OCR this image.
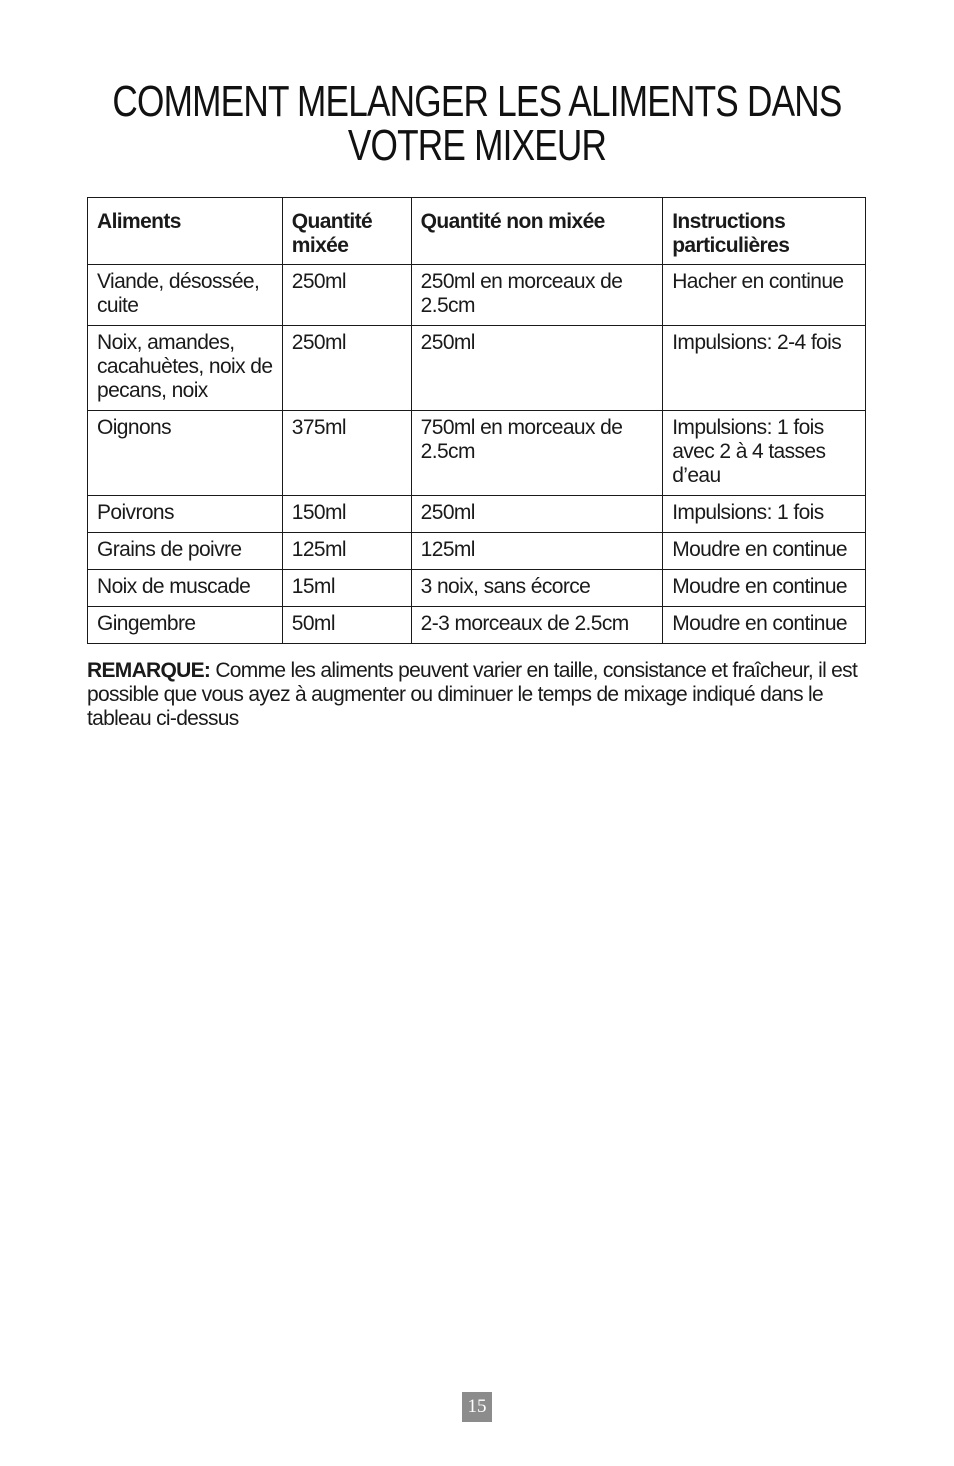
COMMENT MELANGER LES ALIMENTS DANS
VOTRE MIXEUR
Aliments	Quantité mixée	Quantité non mixée	Instructions particulières
Viande, désossée, cuite	250ml	250ml en morceaux de 2.5cm	Hacher en continue
Noix, amandes, cacahuètes, noix de pecans, noix	250ml	250ml	Impulsions: 2-4 fois
Oignons	375ml	750ml en morceaux de 2.5cm	Impulsions: 1 fois avec 2 à 4 tasses d’eau
Poivrons	150ml	250ml	Impulsions: 1 fois
Grains de poivre	125ml	125ml	Moudre en continue
Noix de muscade	15ml	3 noix, sans écorce	Moudre en continue
Gingembre	50ml	2-3 morceaux de 2.5cm	Moudre en continue
REMARQUE: Comme les aliments peuvent varier en taille, consistance et fraîcheur, il est possible que vous ayez à augmenter ou diminuer le temps de mixage indiqué dans le tableau ci-dessus
15
